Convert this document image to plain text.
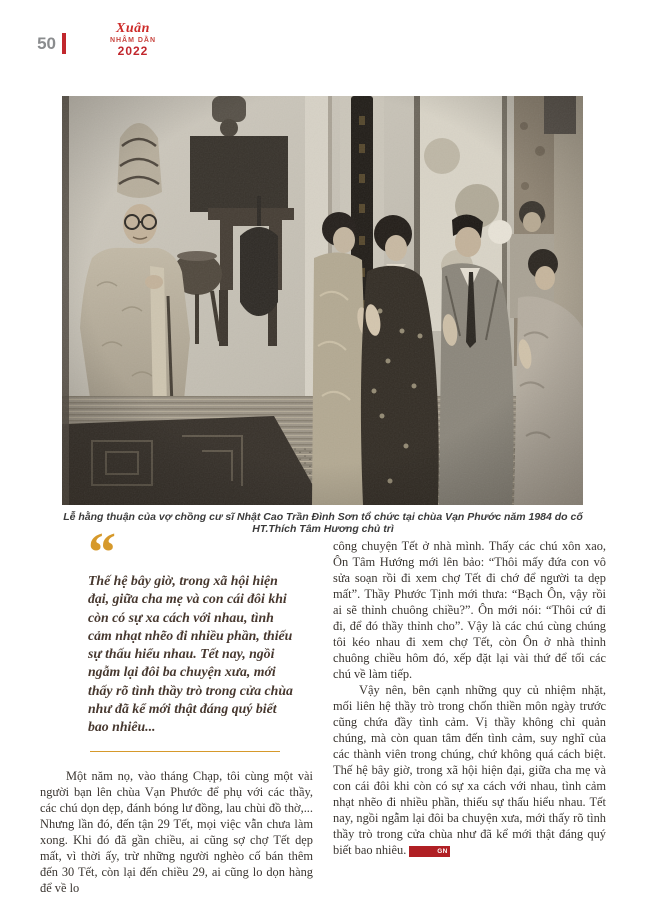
50
Xuân
NHÂM DẦN
2022
Lễ hằng thuận của vợ chồng cư sĩ Nhật Cao Trần Đình Sơn tổ chức tại chùa Vạn Phước năm 1984 do cố HT.Thích Tâm Hương chủ trì
“

Thế hệ bây giờ, trong xã hội hiện đại, giữa cha mẹ và con cái đôi khi còn có sự xa cách với nhau, tình cảm nhạt nhẽo đi nhiều phần, thiếu sự thấu hiểu nhau. Tết nay, ngồi ngẫm lại đôi ba chuyện xưa, mới thấy rõ tình thầy trò trong cửa chùa như đã kể mới thật đáng quý biết bao nhiêu...

Một năm nọ, vào tháng Chạp, tôi cùng một vài người bạn lên chùa Vạn Phước để phụ với các thầy, các chú dọn dẹp, đánh bóng lư đồng, lau chùi đồ thờ,... Nhưng lần đó, đến tận 29 Tết, mọi việc vẫn chưa làm xong. Khi đó đã gần chiều, ai cũng sợ chợ Tết dẹp mất, vì thời ấy, trừ những người nghèo cố bán thêm đến 30 Tết, còn lại đến chiều 29, ai cũng lo dọn hàng để về lo

công chuyện Tết ở nhà mình. Thấy các chú xôn xao, Ôn Tâm Hướng mới lên bảo: “Thôi mấy đứa con vô sửa soạn rồi đi xem chợ Tết đi chớ để người ta dẹp mất”. Thầy Phước Tịnh mới thưa: “Bạch Ôn, vậy rồi ai sẽ thỉnh chuông chiều?”. Ôn mới nói: “Thôi cứ đi đi, để đó thầy thỉnh cho”. Vậy là các chú cùng chúng tôi kéo nhau đi xem chợ Tết, còn Ôn ở nhà thỉnh chuông chiều hôm đó, xếp đặt lại vài thứ để tối các chú về làm tiếp.

Vậy nên, bên cạnh những quy củ nhiệm nhặt, mối liên hệ thầy trò trong chốn thiền môn ngày trước cũng chứa đầy tình cảm. Vị thầy không chỉ quản chúng, mà còn quan tâm đến tình cảm, suy nghĩ của các thành viên trong chúng, chứ không quá cách biệt. Thế hệ bây giờ, trong xã hội hiện đại, giữa cha mẹ và con cái đôi khi còn có sự xa cách với nhau, tình cảm nhạt nhẽo đi nhiều phần, thiếu sự thấu hiểu nhau. Tết nay, ngồi ngẫm lại đôi ba chuyện xưa, mới thấy rõ tình thầy trò trong cửa chùa như đã kể mới thật đáng quý biết bao nhiêu.	GN
